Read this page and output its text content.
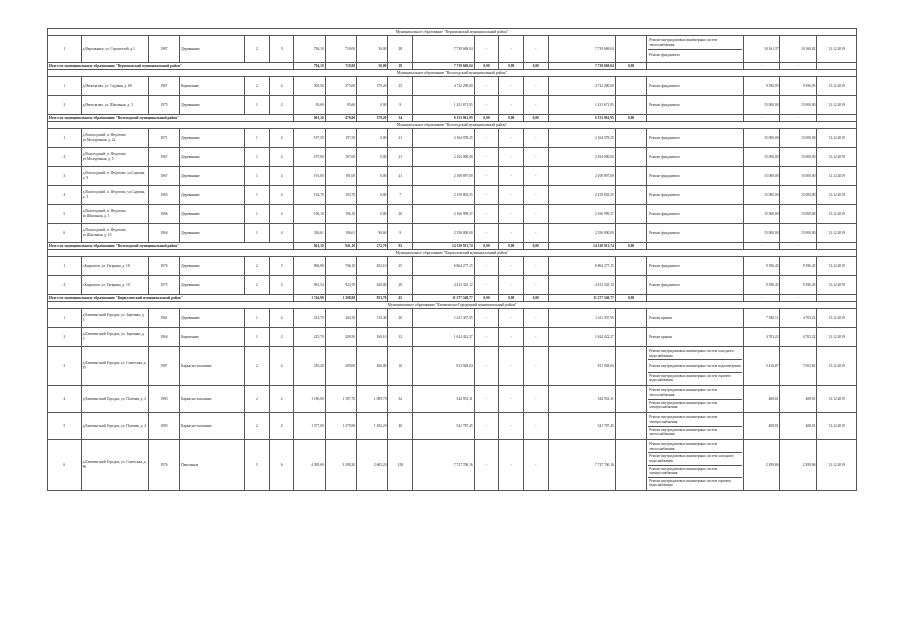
Муниципальное образование "Верховажский муниципальный район"																			
1	д.Верховажье, ул. Строителей, д.1	1987	Деревянные	2	3	794,10	718,00	56,00	28	7 739 669,04	-	-	-	7 739 669,04		Ремонт внутридомовых инженерных систем теплоснабжения
Ремонт фундамента	10 161,37	10 160,82	31.12.2019
Итого по муниципальному образованию "Верховажский муниципальный район"						794,10	718,00	56,00	28	7 739 669,04	0,00	0,00	0,00	7 739 669,04	0,00		-	-	
Муниципальное образование "Вологодский муниципальный район"																			
1	д.Непотягово, ул. Садовая, д. 68	1967	Кирпичные	2	2	505,56	375,00	379,20	25	4 722 290,00	-	-	-	4 722 290,00		Ремонт фундамента	9 396,95	9 396,95	31.12.2019
2	д.Непотягово, ул. Школьная, д. 3	1975	Деревянные	1	2	95,60	95,60	0,00	9	1 431 671,95	-	-	-	1 431 671,95		Ремонт фундамента	15 000,00	15 000,00	31.12.2019
Итого по муниципальному образованию "Вологодский муниципальный район"						601,16	470,60	379,20	34	6 153 961,95	0,00	0,00	0,00	6 153 961,95	0,00		-	-	
Муниципальное образование "Вологодский муниципальный район"																			
1	д.Вологодский, п. Федотово, ул.Молодёжная, д. 22	1971	Деревянные	1	4	197,50	197,50	0,00	21	2 164 078,25	-	-	-	2 164 078,25		Ремонт фундамента	15 000,00	15 000,00	31.12.2019
2	д.Вологодский, п. Федотово, ул.Молодёжная, д. 5	1967	Деревянные	1	4	197,00	197,00	0,00	21	2 164 000,00	-	-	-	2 164 000,00		Ремонт фундамента	15 000,00	15 000,00	31.12.2019
3	д.Вологодский, п. Федотово, ул.Садовая, д. 9	1967	Деревянные	1	4	191,00	191,00	0,00	21	2 108 897,00	-	-	-	2 108 897,00		Ремонт фундамента	15 000,00	15 000,00	31.12.2019
4	д.Вологодский, п. Федотово, ул.Садовая, д. 3	1965	Деревянные	1	4	192,70	192,70	0,00	7	2 159 803,55	-	-	-	2 159 803,55		Ремонт фундамента	15 000,00	15 000,00	31.12.2019
5	д.Вологодский, п. Федотово, ул.Школьная, д. 1	1966	Деревянные	1	4	196,10	196,10	0,00	20	2 166 999,37	-	-	-	2 166 999,37		Ремонт фундамента	15 000,00	15 000,00	31.12.2019
6	д.Вологодский, п. Федотово, ул.Школьная, д. 10	1964	Деревянные	1	4	336,61	196,61	90,60	9	2 356 000,00	-	-	-	2 356 000,00		Ремонт фундамента	15 000,00	15 000,00	31.12.2019
Итого по муниципальному образованию "Вологодский муниципальный район"						941,10	941,10	272,70	83	14 120 913,74	0,00	0,00	0,00	14 120 913,74	0,00		-	-	
Муниципальное образование "Кирилловский муниципальный район"																			
1	г.Кириллов, ул. Гагарина, д. 18	1976	Деревянные	2	3	866,90	706,10	823,10	25	6 864 277,15	-	-	-	6 864 277,15		Ремонт фундамента	9 396,45	9 396,45	31.12.2019
2	г.Кириллов, ул. Гагарина, д. 10	1975	Деревянные	2	3	961,54	923,70	426,00	20	4 413 325,12	-	-	-	4 413 325,12		Ремонт фундамента	9 396,45	9 396,45	31.12.2019
Итого по муниципальному образованию "Кирилловский муниципальный район"						1 744,90	1 208,00	953,70	45	11 277 540,77	0,00	0,00	0,00	11 277 540,77	0,00		-	-	
Муниципальное образование "Кичменгско-Городецкий муниципальный район"																			
1	д.Кичменгский Городок, ул. Заречная, д. 3	1961	Деревянные	1	2	212,70	204,10	110,40	20	1 411 307,95	-	-	-	1 411 307,95		Ремонт крыши	7 920,11	4 703,22	31.12.2019
2	д.Кичменгский Городок, ул. Заречная, д. 5	1964	Кирпичные	1	2	225,70	209,50	169,10	12	1 624 422,37	-	-	-	1 624 422,37		Ремонт крыши	4 703,22	4 703,22	31.12.2019
3	д.Кичменгский Городок, ул. Советская, д. 97	1987	Каркасно-засыпные	2	2	310,20	209,00	200,00	16	813 928,04	-	-	-	813 928,04		Ремонт внутридомовых инженерных систем холодного водоснабжения
Ремонт внутридомовых инженерных систем водоотведения
Ремонт внутридомовых инженерных систем горячего водоснабжения	3 416,87	7 003,82	31.12.2019
4	д.Кичменгский Городок, ул. Полевая, д. 2	1983	Каркасно-засыпные	2	2	1 186,00	1 187,70	1 089,70	32	544 953,31	-	-	-	544 953,31		Ремонт внутридомовых инженерных систем теплоснабжения
Ремонт внутридомовых инженерных систем электроснабжения	408,81	408,81	31.12.2019
5	д.Кичменгский Городок, ул. Полевая, д. 4	1983	Каркасно-засыпные	2	2	1 377,00	1 279,90	1 183,20	40	541 787,45	-	-	-	541 787,45		Ремонт внутридомовых инженерных систем электроснабжения
Ремонт внутридомовых инженерных систем теплоснабжения	408,81	408,81	31.12.2019
6	д.Кичменгский Городок, ул. Советская, д. 96	1976	Панельные	5	6	4 395,60	3 398,20	2 605,20	128	7 727 700,16	-	-	-	7 727 700,16		Ремонт внутридомовых инженерных систем теплоснабжения
Ремонт внутридомовых инженерных систем холодного водоснабжения
Ремонт внутридомовых инженерных систем электроснабжения
Ремонт внутридомовых инженерных систем горячего водоснабжения	2 299,86	2 299,86	31.12.2019
